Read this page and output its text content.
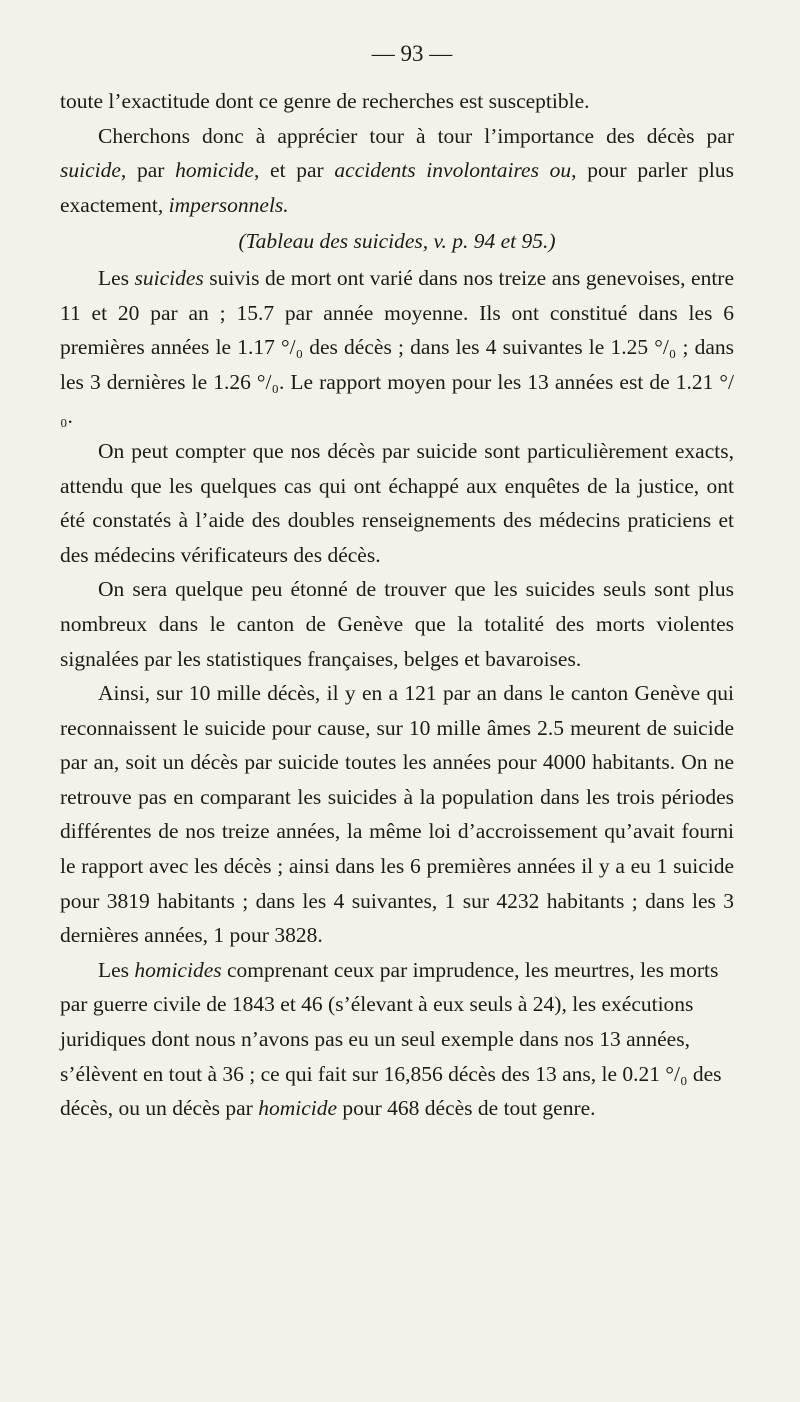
— 93 —

toute l’exactitude dont ce genre de recherches est susceptible.

Cherchons donc à apprécier tour à tour l’importance des décès par suicide, par homicide, et par accidents involontaires ou, pour parler plus exactement, impersonnels.

(Tableau des suicides, v. p. 94 et 95.)

Les suicides suivis de mort ont varié dans nos treize ans genevoises, entre 11 et 20 par an ; 15.7 par année moyenne. Ils ont constitué dans les 6 premières années le 1.17 °/₀ des décès ; dans les 4 suivantes le 1.25 °/₀ ; dans les 3 dernières le 1.26 °/₀. Le rapport moyen pour les 13 années est de 1.21 °/₀.

On peut compter que nos décès par suicide sont particulièrement exacts, attendu que les quelques cas qui ont échappé aux enquêtes de la justice, ont été constatés à l’aide des doubles renseignements des médecins praticiens et des médecins vérificateurs des décès.

On sera quelque peu étonné de trouver que les suicides seuls sont plus nombreux dans le canton de Genève que la totalité des morts violentes signalées par les statistiques françaises, belges et bavaroises.

Ainsi, sur 10 mille décès, il y en a 121 par an dans le canton Genève qui reconnaissent le suicide pour cause, sur 10 mille âmes 2.5 meurent de suicide par an, soit un décès par suicide toutes les années pour 4000 habitants. On ne retrouve pas en comparant les suicides à la population dans les trois périodes différentes de nos treize années, la même loi d’accroissement qu’avait fourni le rapport avec les décès ; ainsi dans les 6 premières années il y a eu 1 suicide pour 3819 habitants ; dans les 4 suivantes, 1 sur 4232 habitants ; dans les 3 dernières années, 1 pour 3828.

Les homicides comprenant ceux par imprudence, les meurtres, les morts par guerre civile de 1843 et 46 (s’élevant à eux seuls à 24), les exécutions juridiques dont nous n’avons pas eu un seul exemple dans nos 13 années, s’élèvent en tout à 36 ; ce qui fait sur 16,856 décès des 13 ans, le 0.21 °/₀ des décès, ou un décès par homicide pour 468 décès de tout genre.
